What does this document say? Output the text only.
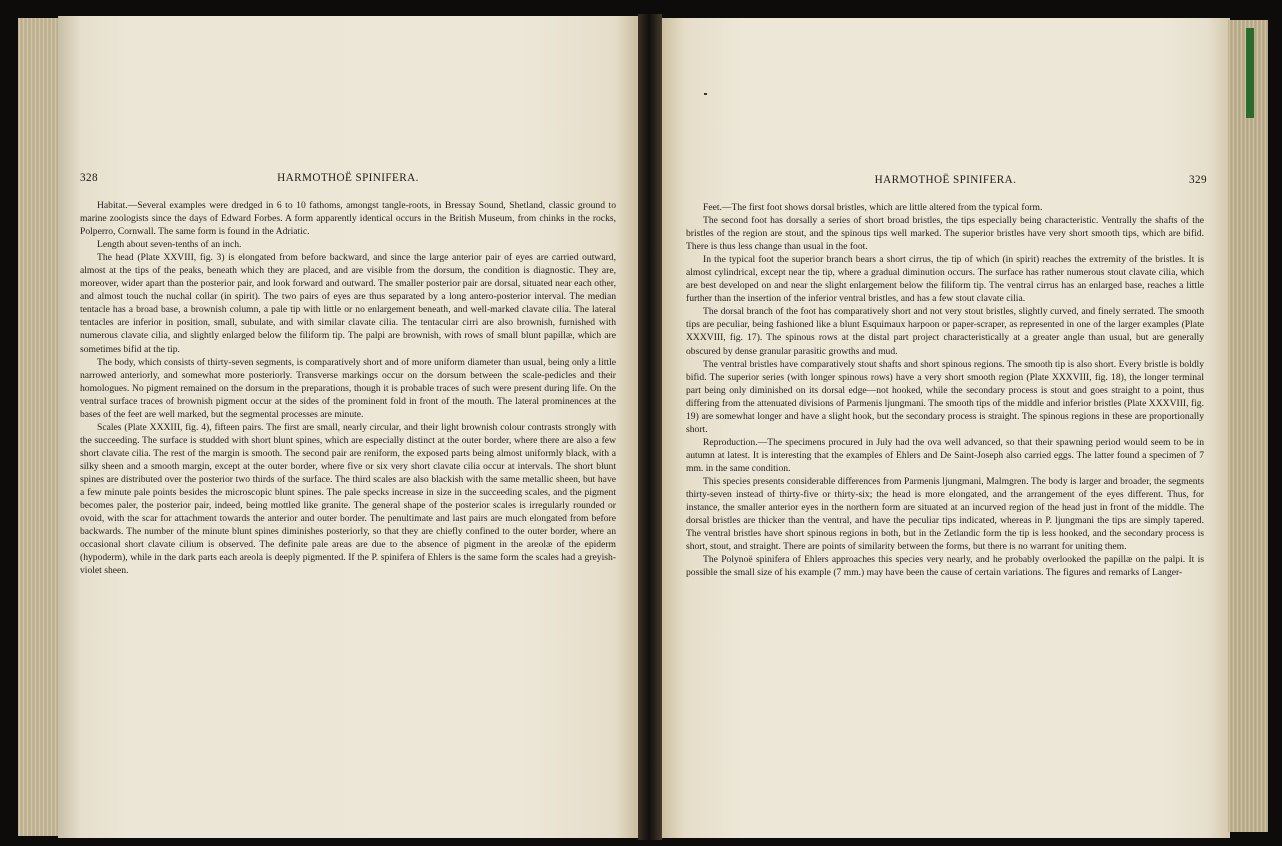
328	HARMOTHOË SPINIFERA.

Habitat.—Several examples were dredged in 6 to 10 fathoms, amongst tangle-roots, in Bressay Sound, Shetland, classic ground to marine zoologists since the days of Edward Forbes. A form apparently identical occurs in the British Museum, from chinks in the rocks, Polperro, Cornwall. The same form is found in the Adriatic.

Length about seven-tenths of an inch.

The head (Plate XXVIII, fig. 3) is elongated from before backward, and since the large anterior pair of eyes are carried outward, almost at the tips of the peaks, beneath which they are placed, and are visible from the dorsum, the condition is diagnostic. They are, moreover, wider apart than the posterior pair, and look forward and outward. The smaller posterior pair are dorsal, situated near each other, and almost touch the nuchal collar (in spirit). The two pairs of eyes are thus separated by a long antero-posterior interval. The median tentacle has a broad base, a brownish column, a pale tip with little or no enlargement beneath, and well-marked clavate cilia. The lateral tentacles are inferior in position, small, subulate, and with similar clavate cilia. The tentacular cirri are also brownish, furnished with numerous clavate cilia, and slightly enlarged below the filiform tip. The palpi are brownish, with rows of small blunt papillæ, which are sometimes bifid at the tip.

The body, which consists of thirty-seven segments, is comparatively short and of more uniform diameter than usual, being only a little narrowed anteriorly, and somewhat more posteriorly. Transverse markings occur on the dorsum between the scale-pedicles and their homologues. No pigment remained on the dorsum in the preparations, though it is probable traces of such were present during life. On the ventral surface traces of brownish pigment occur at the sides of the prominent fold in front of the mouth. The lateral prominences at the bases of the feet are well marked, but the segmental processes are minute.

Scales (Plate XXXIII, fig. 4), fifteen pairs. The first are small, nearly circular, and their light brownish colour contrasts strongly with the succeeding. The surface is studded with short blunt spines, which are especially distinct at the outer border, where there are also a few short clavate cilia. The rest of the margin is smooth. The second pair are reniform, the exposed parts being almost uniformly black, with a silky sheen and a smooth margin, except at the outer border, where five or six very short clavate cilia occur at intervals. The short blunt spines are distributed over the posterior two thirds of the surface. The third scales are also blackish with the same metallic sheen, but have a few minute pale points besides the microscopic blunt spines. The pale specks increase in size in the succeeding scales, and the pigment becomes paler, the posterior pair, indeed, being mottled like granite. The general shape of the posterior scales is irregularly rounded or ovoid, with the scar for attachment towards the anterior and outer border. The penultimate and last pairs are much elongated from before backwards. The number of the minute blunt spines diminishes posteriorly, so that they are chiefly confined to the outer border, where an occasional short clavate cilium is observed. The definite pale areas are due to the absence of pigment in the areolæ of the epiderm (hypoderm), while in the dark parts each areola is deeply pigmented. If the P. spinifera of Ehlers is the same form the scales had a greyish-violet sheen.

HARMOTHOË SPINIFERA.	329

Feet.—The first foot shows dorsal bristles, which are little altered from the typical form.

The second foot has dorsally a series of short broad bristles, the tips especially being characteristic. Ventrally the shafts of the bristles of the region are stout, and the spinous tips well marked. The superior bristles have very short smooth tips, which are bifid. There is thus less change than usual in the foot.

In the typical foot the superior branch bears a short cirrus, the tip of which (in spirit) reaches the extremity of the bristles. It is almost cylindrical, except near the tip, where a gradual diminution occurs. The surface has rather numerous stout clavate cilia, which are best developed on and near the slight enlargement below the filiform tip. The ventral cirrus has an enlarged base, reaches a little further than the insertion of the inferior ventral bristles, and has a few stout clavate cilia.

The dorsal branch of the foot has comparatively short and not very stout bristles, slightly curved, and finely serrated. The smooth tips are peculiar, being fashioned like a blunt Esquimaux harpoon or paper-scraper, as represented in one of the larger examples (Plate XXXVIII, fig. 17). The spinous rows at the distal part project characteristically at a greater angle than usual, but are generally obscured by dense granular parasitic growths and mud.

The ventral bristles have comparatively stout shafts and short spinous regions. The smooth tip is also short. Every bristle is boldly bifid. The superior series (with longer spinous rows) have a very short smooth region (Plate XXXVIII, fig. 18), the longer terminal part being only diminished on its dorsal edge—not hooked, while the secondary process is stout and goes straight to a point, thus differing from the attenuated divisions of Parmenis ljungmani. The smooth tips of the middle and inferior bristles (Plate XXXVIII, fig. 19) are somewhat longer and have a slight hook, but the secondary process is straight. The spinous regions in these are proportionally short.

Reproduction.—The specimens procured in July had the ova well advanced, so that their spawning period would seem to be in autumn at latest. It is interesting that the examples of Ehlers and De Saint-Joseph also carried eggs. The latter found a specimen of 7 mm. in the same condition.

This species presents considerable differences from Parmenis ljungmani, Malmgren. The body is larger and broader, the segments thirty-seven instead of thirty-five or thirty-six; the head is more elongated, and the arrangement of the eyes different. Thus, for instance, the smaller anterior eyes in the northern form are situated at an incurved region of the head just in front of the middle. The dorsal bristles are thicker than the ventral, and have the peculiar tips indicated, whereas in P. ljungmani the tips are simply tapered. The ventral bristles have short spinous regions in both, but in the Zetlandic form the tip is less hooked, and the secondary process is short, stout, and straight. There are points of similarity between the forms, but there is no warrant for uniting them.

The Polynoë spinifera of Ehlers approaches this species very nearly, and he probably overlooked the papillæ on the palpi. It is possible the small size of his example (7 mm.) may have been the cause of certain variations. The figures and remarks of Langer-
